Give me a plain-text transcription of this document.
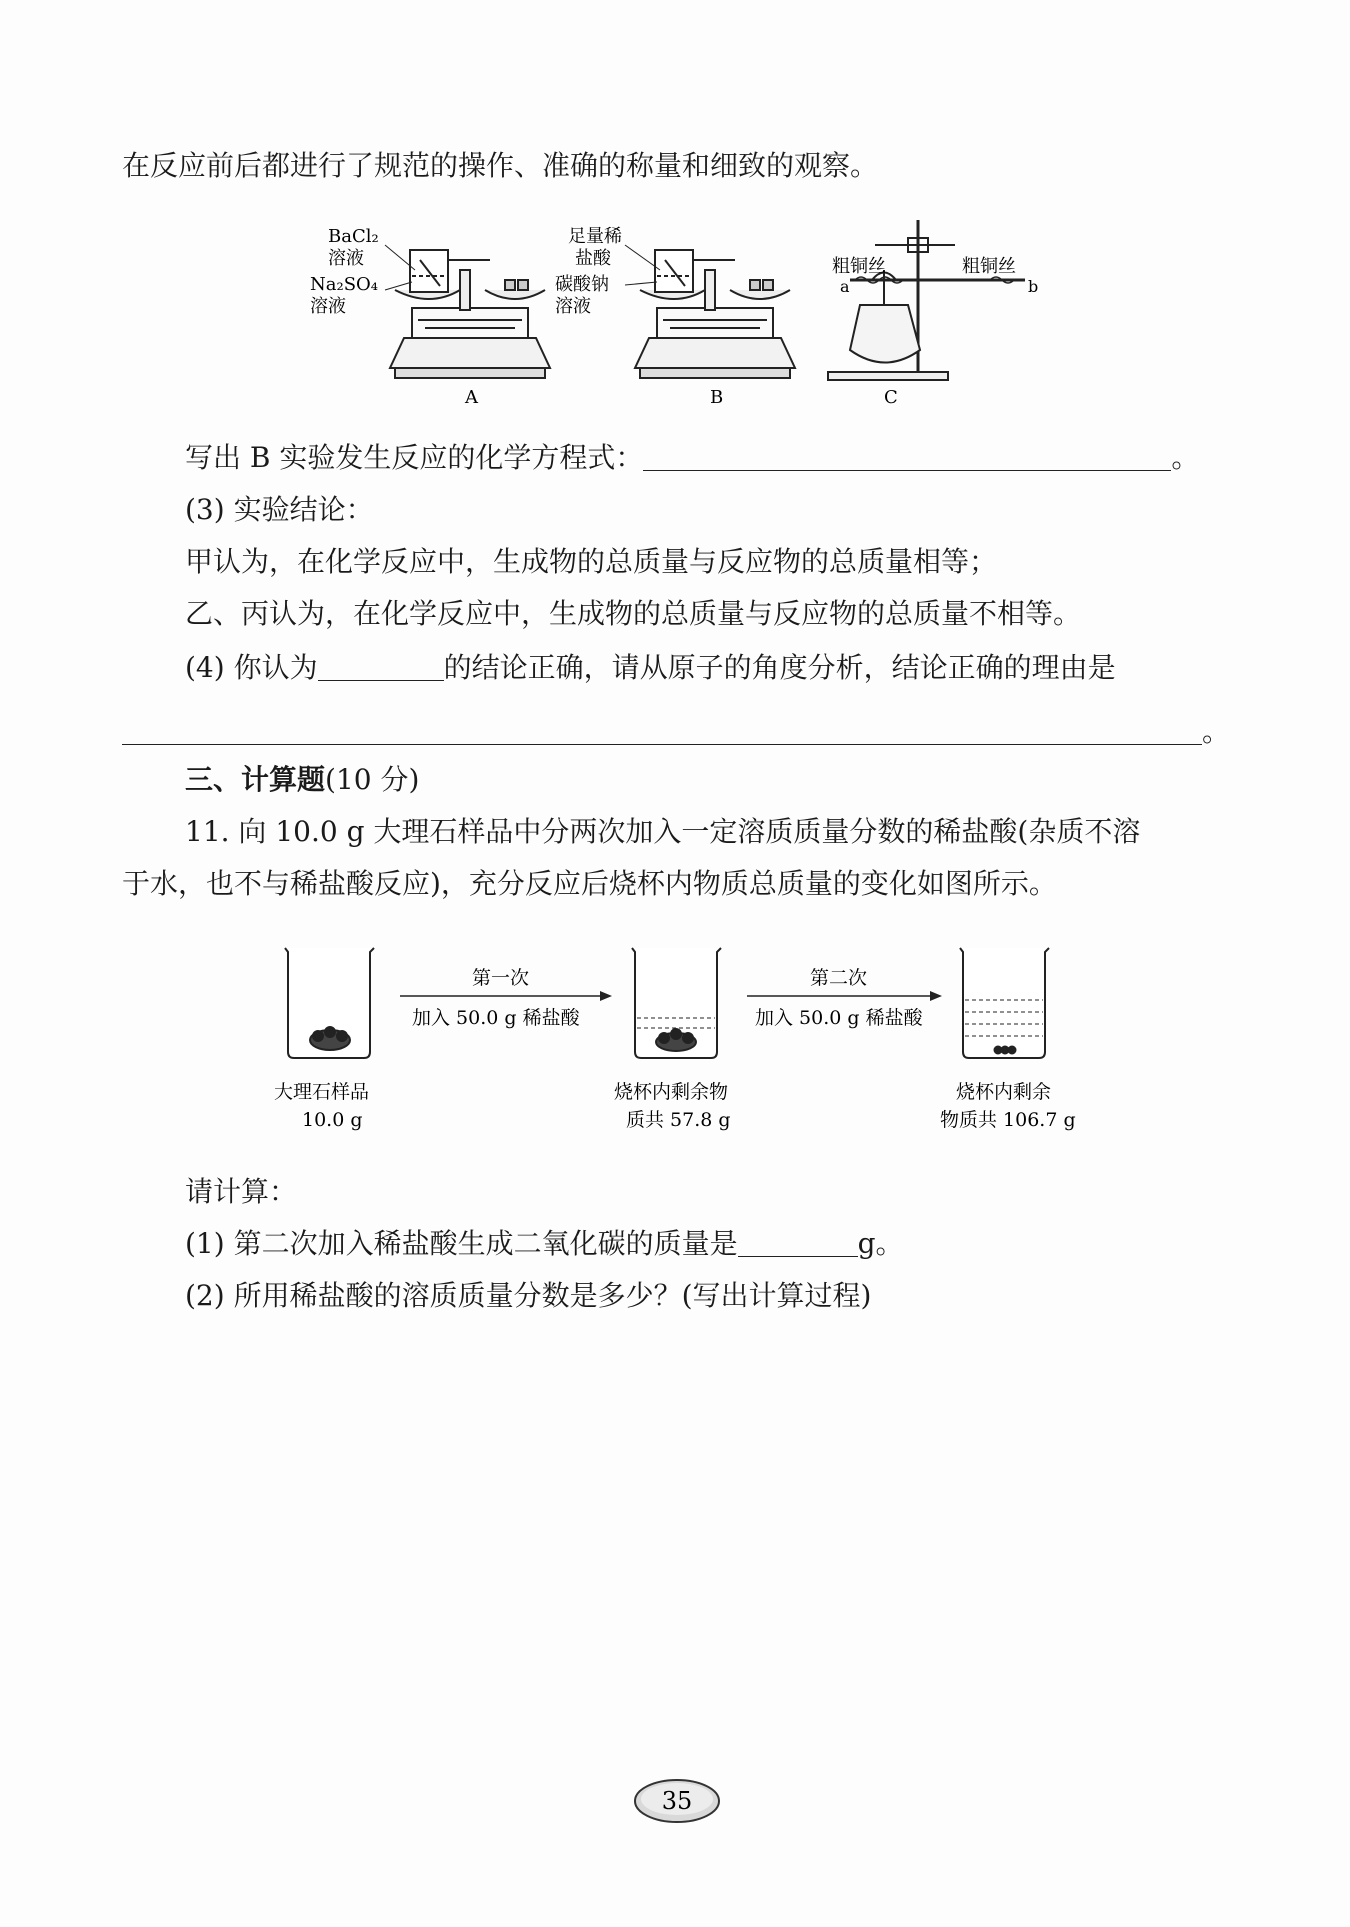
在反应前后都进行了规范的操作、准确的称量和细致的观察。
BaCl₂
溶液
Na₂SO₄
溶液
A
足量稀
盐酸
碳酸钠
溶液
B
粗铜丝	粗铜丝
a	b
C
写出 B 实验发生反应的化学方程式：	。
(3) 实验结论：
甲认为，在化学反应中，生成物的总质量与反应物的总质量相等；
乙、丙认为，在化学反应中，生成物的总质量与反应物的总质量不相等。
(4) 你认为	的结论正确，请从原子的角度分析，结论正确的理由是
。
三、计算题(10 分)
11. 向 10.0 g 大理石样品中分两次加入一定溶质质量分数的稀盐酸(杂质不溶
于水，也不与稀盐酸反应)，充分反应后烧杯内物质总质量的变化如图所示。
第一次
加入 50.0 g 稀盐酸
第二次
加入 50.0 g 稀盐酸
大理石样品
10.0 g
烧杯内剩余物
质共 57.8 g
烧杯内剩余
物质共 106.7 g
请计算：
(1) 第二次加入稀盐酸生成二氧化碳的质量是	g。
(2) 所用稀盐酸的溶质质量分数是多少？(写出计算过程)
35
